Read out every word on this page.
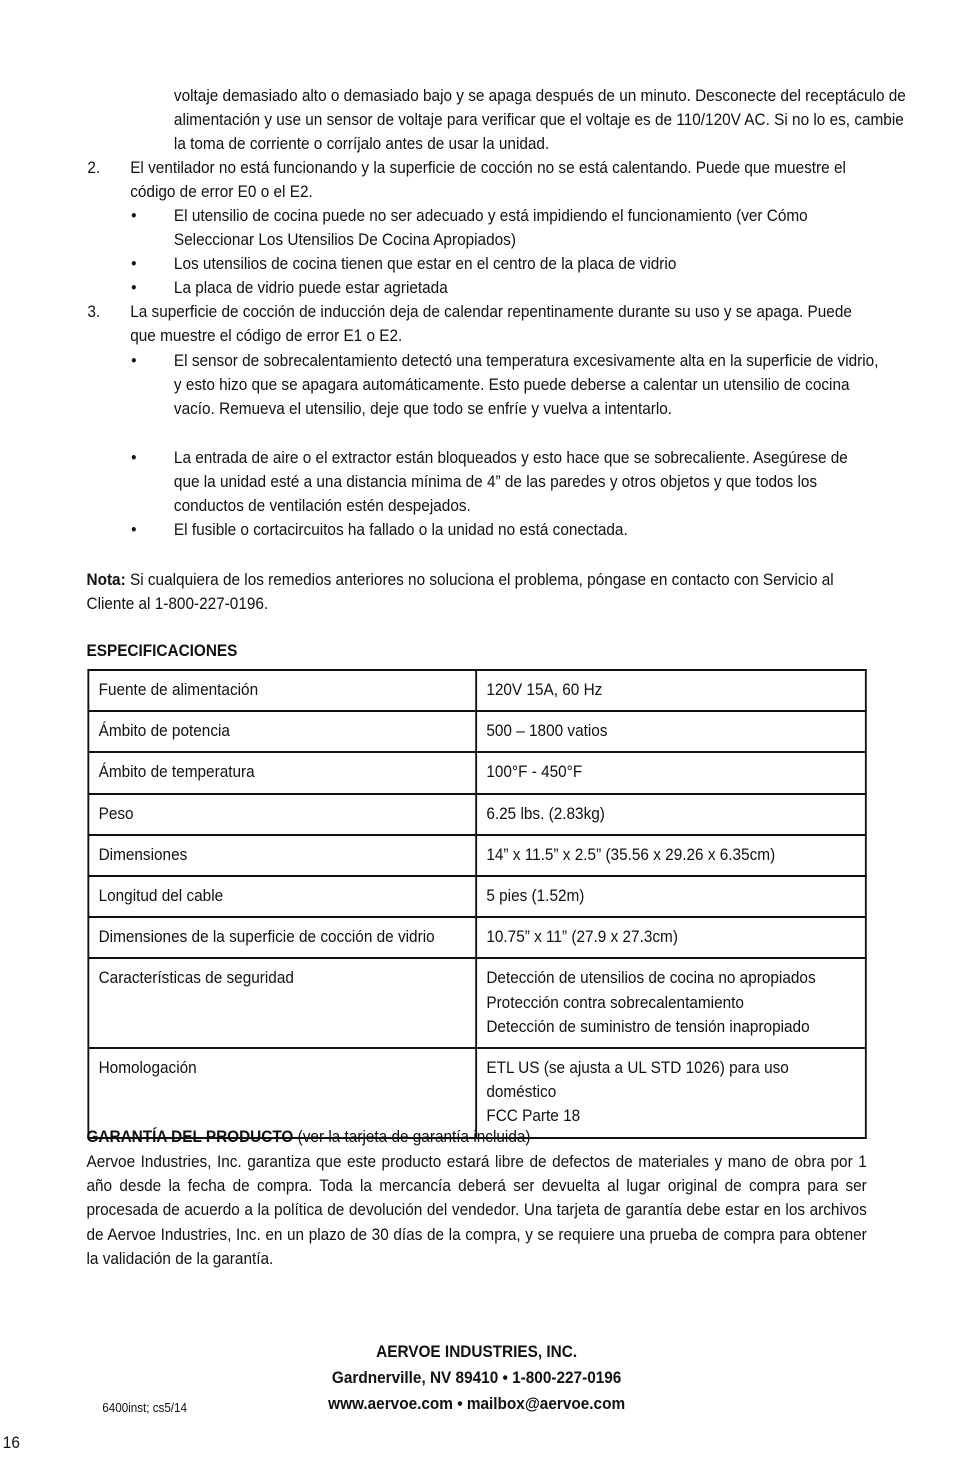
voltaje demasiado alto o demasiado bajo y se apaga después de un minuto. Desconecte del receptáculo de alimentación y use un sensor de voltaje para verificar que el voltaje es de 110/120V AC. Si no lo es, cambie la toma de corriente o corríjalo antes de usar la unidad.
2. El ventilador no está funcionando y la superficie de cocción no se está calentando. Puede que muestre el código de error E0 o el E2.
• El utensilio de cocina puede no ser adecuado y está impidiendo el funcionamiento (ver Cómo Seleccionar Los Utensilios De Cocina Apropiados)
• Los utensilios de cocina tienen que estar en el centro de la placa de vidrio
• La placa de vidrio puede estar agrietada
3. La superficie de cocción de inducción deja de calendar repentinamente durante su uso y se apaga. Puede que muestre el código de error E1 o E2.
• El sensor de sobrecalentamiento detectó una temperatura excesivamente alta en la superficie de vidrio, y esto hizo que se apagara automáticamente. Esto puede deberse a calentar un utensilio de cocina vacío. Remueva el utensilio, deje que todo se enfríe y vuelva a intentarlo.
• La entrada de aire o el extractor están bloqueados y esto hace que se sobrecaliente. Asegúrese de que la unidad esté a una distancia mínima de 4” de las paredes y otros objetos y que todos los conductos de ventilación estén despejados.
• El fusible o cortacircuitos ha fallado o la unidad no está conectada.
Nota: Si cualquiera de los remedios anteriores no soluciona el problema, póngase en contacto con Servicio al Cliente al 1-800-227-0196.
ESPECIFICACIONES
Fuente de alimentación	120V 15A, 60 Hz

Ámbito de potencia	500 – 1800 vatios

Ámbito de temperatura	100°F - 450°F

Peso	6.25 lbs. (2.83kg)

Dimensiones	14” x 11.5” x 2.5” (35.56 x 29.26 x 6.35cm)

Longitud del cable	5 pies (1.52m)

Dimensiones de la superficie de cocción de vidrio	10.75” x 11” (27.9 x 27.3cm)

Características de seguridad	Detección de utensilios de cocina no apropiados
Protección contra sobrecalentamiento
Detección de suministro de tensión inapropiado

Homologación	ETL US (se ajusta a UL STD 1026) para uso doméstico
FCC Parte 18
GARANTÍA DEL PRODUCTO (ver la tarjeta de garantía incluida)
Aervoe Industries, Inc. garantiza que este producto estará libre de defectos de materiales y mano de obra por 1 año desde la fecha de compra. Toda la mercancía deberá ser devuelta al lugar original de compra para ser procesada de acuerdo a la política de devolución del vendedor. Una tarjeta de garantía debe estar en los archivos de Aervoe Industries, Inc. en un plazo de 30 días de la compra, y se requiere una prueba de compra para obtener la validación de la garantía.
AERVOE INDUSTRIES, INC.
Gardnerville, NV 89410 • 1-800-227-0196
www.aervoe.com • mailbox@aervoe.com
6400inst; cs5/14
16
